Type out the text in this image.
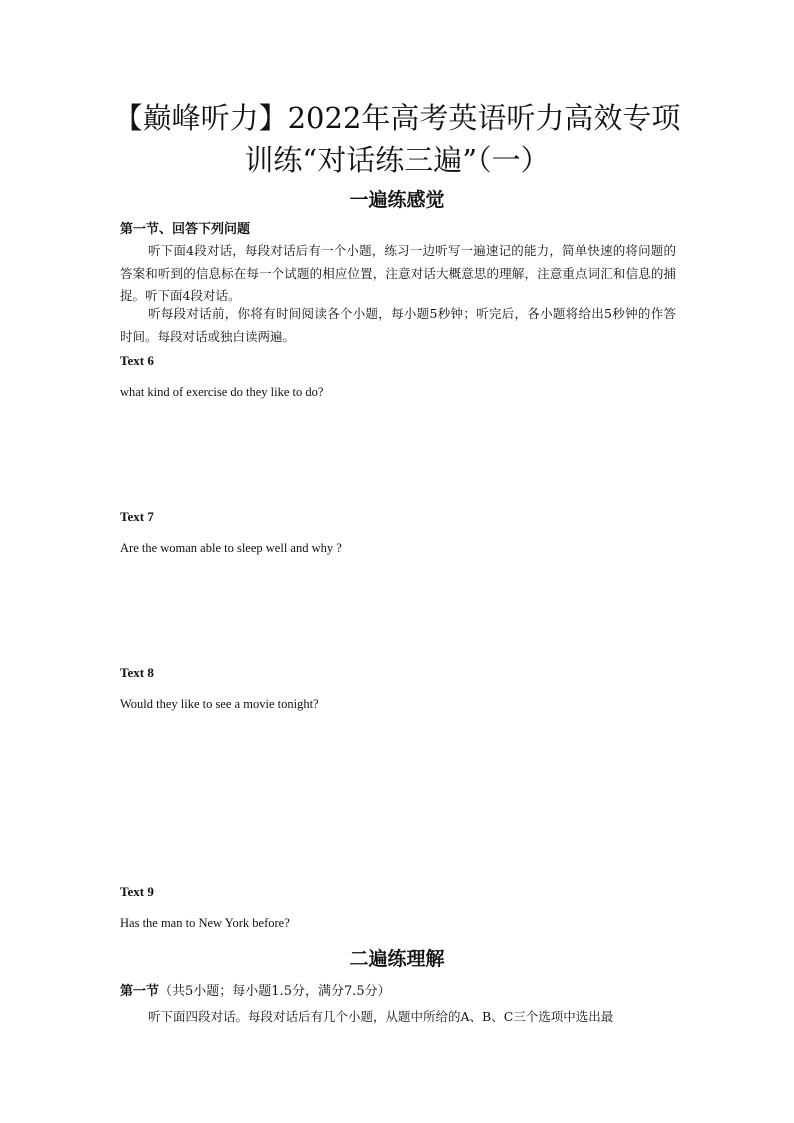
【巅峰听力】2022年高考英语听力高效专项
训练“对话练三遍”（一）
一遍练感觉

第一节、回答下列问题

听下面4段对话，每段对话后有一个小题，练习一边听写一遍速记的能力，简单快速的将问题的答案和听到的信息标在每一个试题的相应位置，注意对话大概意思的理解，注意重点词汇和信息的捕捉。听下面4段对话。

听每段对话前，你将有时间阅读各个小题，每小题5秒钟；听完后，各小题将给出5秒钟的作答时间。每段对话或独白读两遍。

Text 6

what kind of exercise do they like to do?

Text 7

Are the woman able to sleep well and why ?

Text 8

Would they like to see a movie tonight?

Text 9

Has the man to New York before?

二遍练理解

第一节（共5小题；每小题1.5分，满分7.5分）

听下面四段对话。每段对话后有几个小题，从题中所给的A、B、C三个选项中选出最
